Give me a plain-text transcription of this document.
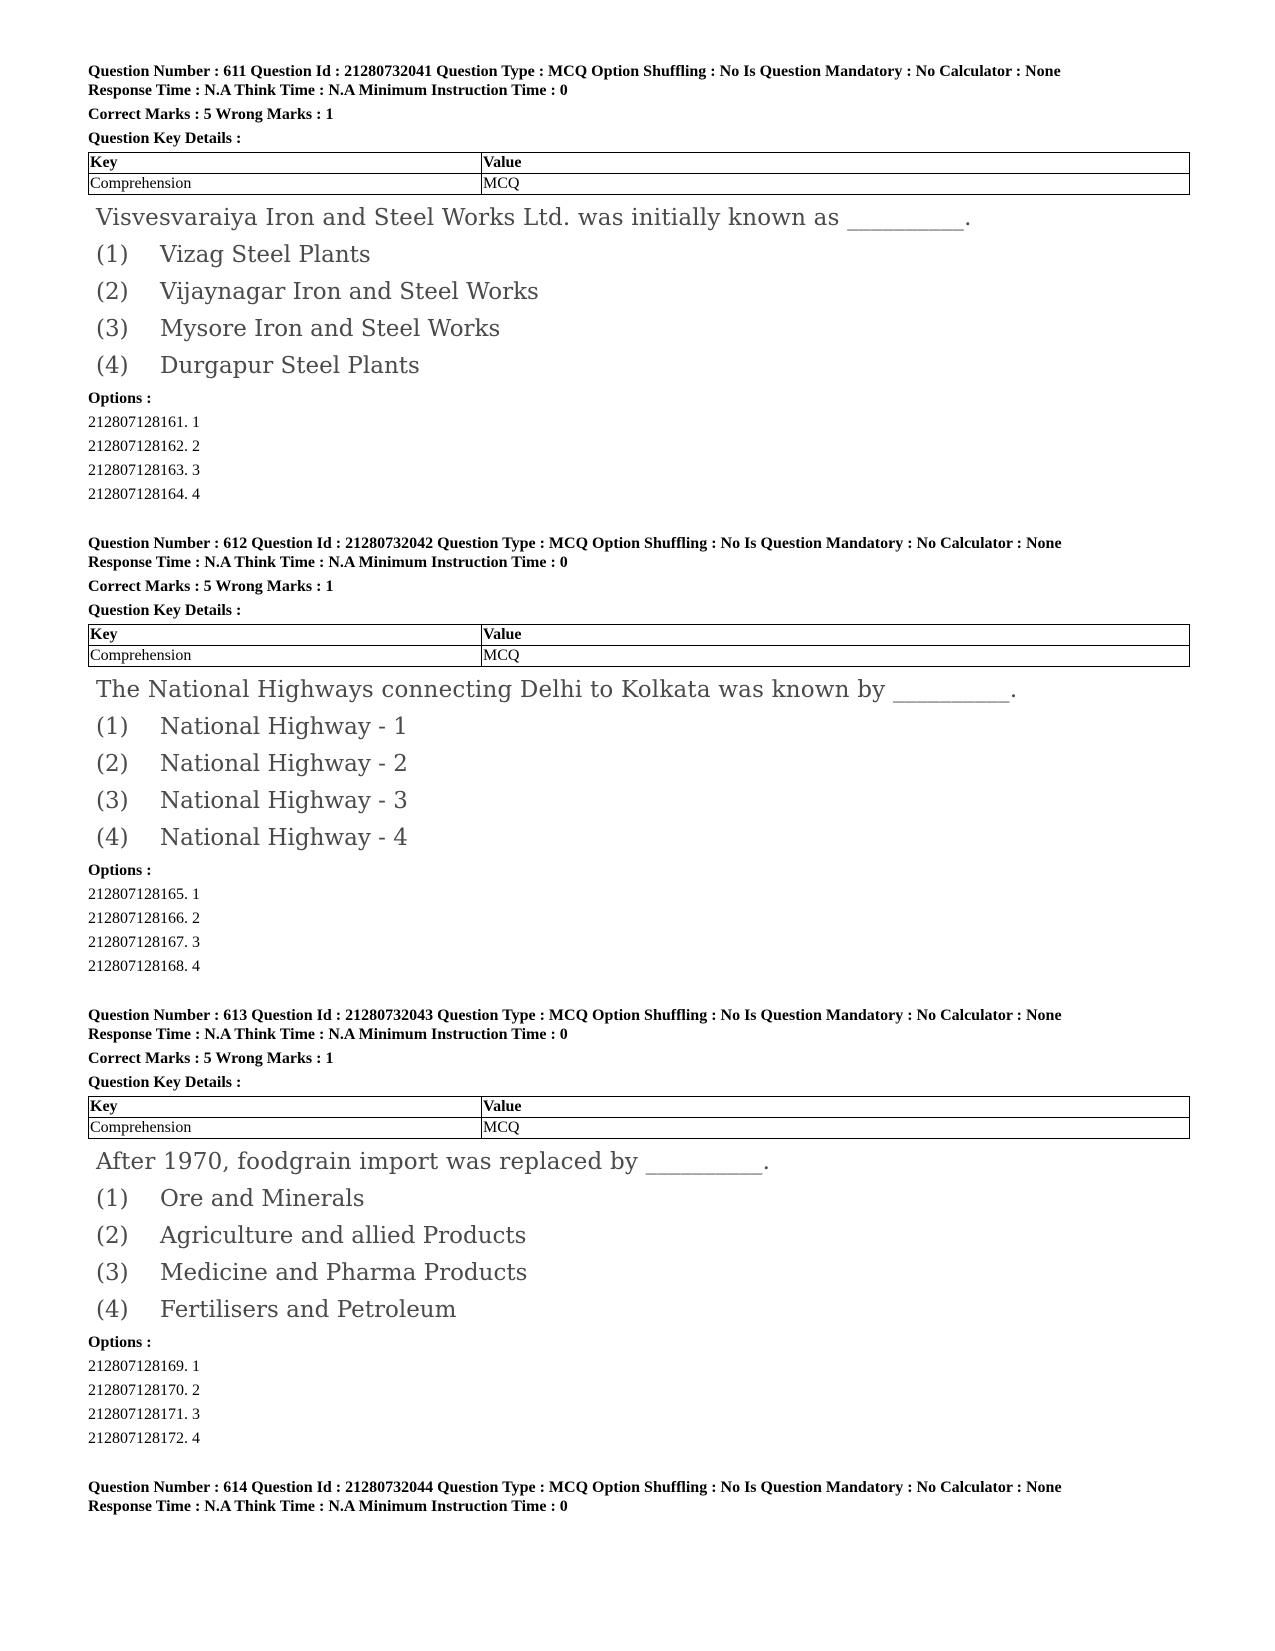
Question Number : 611 Question Id : 21280732041 Question Type : MCQ Option Shuffling : No Is Question Mandatory : No Calculator : None
Response Time : N.A Think Time : N.A Minimum Instruction Time : 0
Correct Marks : 5 Wrong Marks : 1
Question Key Details :
Key	Value
Comprehension	MCQ
Visvesvaraiya Iron and Steel Works Ltd. was initially known as __________.
(1)	Vizag Steel Plants
(2)	Vijaynagar Iron and Steel Works
(3)	Mysore Iron and Steel Works
(4)	Durgapur Steel Plants
Options :
212807128161. 1
212807128162. 2
212807128163. 3
212807128164. 4
Question Number : 612 Question Id : 21280732042 Question Type : MCQ Option Shuffling : No Is Question Mandatory : No Calculator : None
Response Time : N.A Think Time : N.A Minimum Instruction Time : 0
Correct Marks : 5 Wrong Marks : 1
Question Key Details :
Key	Value
Comprehension	MCQ
The National Highways connecting Delhi to Kolkata was known by __________.
(1)	National Highway - 1
(2)	National Highway - 2
(3)	National Highway - 3
(4)	National Highway - 4
Options :
212807128165. 1
212807128166. 2
212807128167. 3
212807128168. 4
Question Number : 613 Question Id : 21280732043 Question Type : MCQ Option Shuffling : No Is Question Mandatory : No Calculator : None
Response Time : N.A Think Time : N.A Minimum Instruction Time : 0
Correct Marks : 5 Wrong Marks : 1
Question Key Details :
Key	Value
Comprehension	MCQ
After 1970, foodgrain import was replaced by __________.
(1)	Ore and Minerals
(2)	Agriculture and allied Products
(3)	Medicine and Pharma Products
(4)	Fertilisers and Petroleum
Options :
212807128169. 1
212807128170. 2
212807128171. 3
212807128172. 4
Question Number : 614 Question Id : 21280732044 Question Type : MCQ Option Shuffling : No Is Question Mandatory : No Calculator : None
Response Time : N.A Think Time : N.A Minimum Instruction Time : 0
